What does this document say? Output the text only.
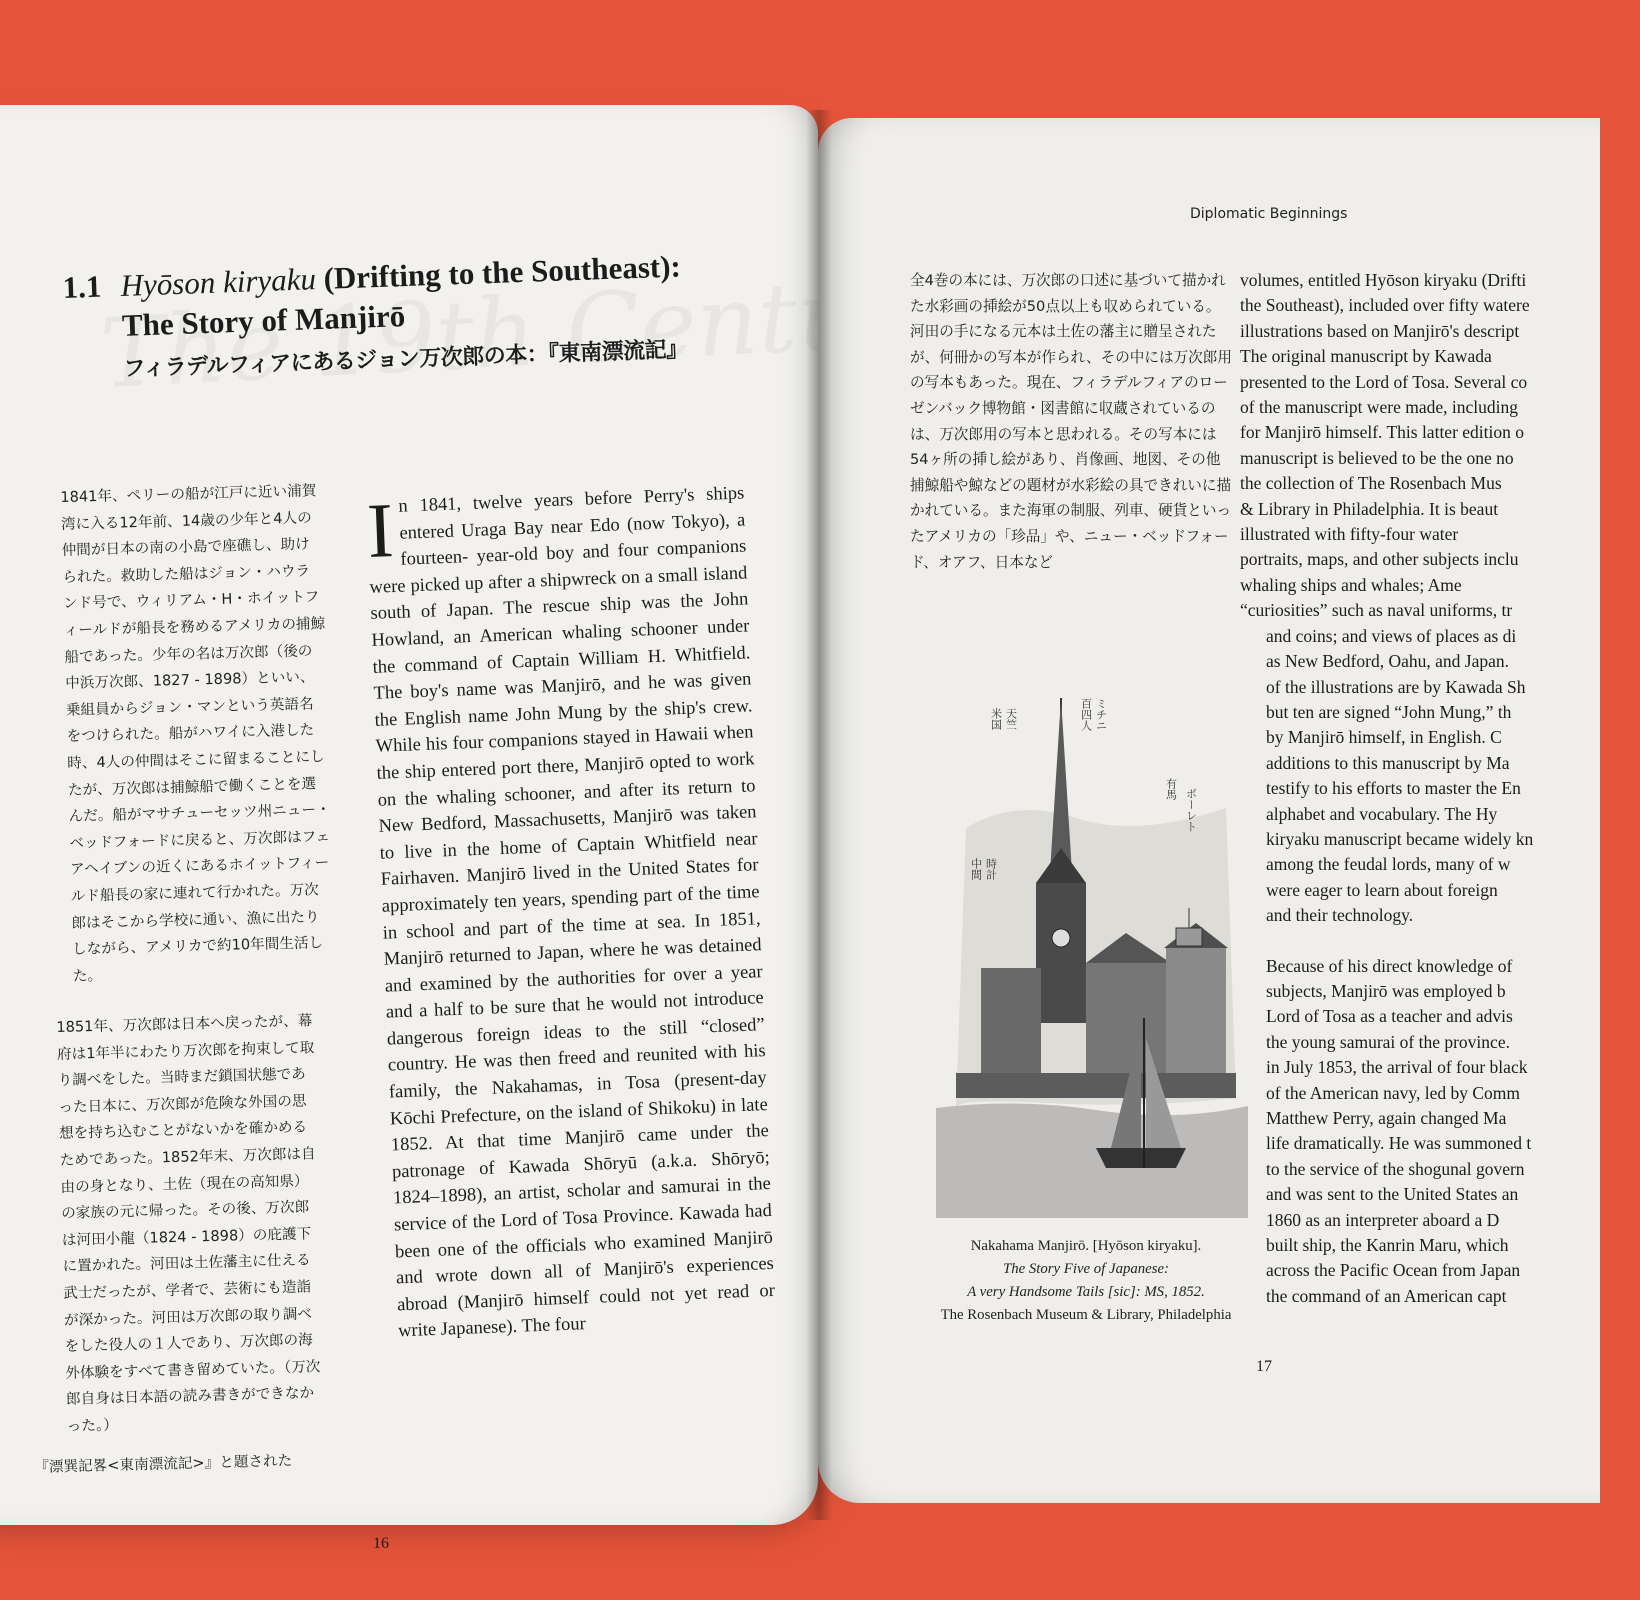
1.1 Hyōson kiryaku (Drifting to the Southeast):
The Story of Manjirō
フィラデルフィアにあるジョン万次郎の本：『東南漂流記』

1841年、ペリーの船が江戸に近い浦賀湾に入る12年前、14歳の少年と4人の仲間が日本の南の小島で座礁し、助けられた。救助した船はジョン・ハウランド号で、ウィリアム・H・ホイットフィールドが船長を務めるアメリカの捕鯨船であった。少年の名は万次郎（後の中浜万次郎、1827 - 1898）といい、乗組員からジョン・マンという英語名をつけられた。船がハワイに入港した時、4人の仲間はそこに留まることにしたが、万次郎は捕鯨船で働くことを選んだ。船がマサチューセッツ州ニュー・ベッドフォードに戻ると、万次郎はフェアヘイブンの近くにあるホイットフィールド船長の家に連れて行かれた。万次郎はそこから学校に通い、漁に出たりしながら、アメリカで約10年間生活した。

1851年、万次郎は日本へ戻ったが、幕府は1年半にわたり万次郎を拘束して取り調べをした。当時まだ鎖国状態であった日本に、万次郎が危険な外国の思想を持ち込むことがないかを確かめるためであった。1852年末、万次郎は自由の身となり、土佐（現在の高知県）の家族の元に帰った。その後、万次郎は河田小龍（1824 - 1898）の庇護下に置かれた。河田は土佐藩主に仕える武士だったが、学者で、芸術にも造詣が深かった。河田は万次郎の取り調べをした役人の１人であり、万次郎の海外体験をすべて書き留めていた。（万次郎自身は日本語の読み書きができなかった。）

『漂巽記畧<東南漂流記>』と題された

In 1841, twelve years before Perry's ships entered Uraga Bay near Edo (now Tokyo), a fourteen- year-old boy and four companions were picked up after a shipwreck on a small island south of Japan. The rescue ship was the John Howland, an American whaling schooner under the command of Captain William H. Whitfield. The boy's name was Manjirō, and he was given the English name John Mung by the ship's crew. While his four companions stayed in Hawaii when the ship entered port there, Manjirō opted to work on the whaling schooner, and after its return to New Bedford, Massachusetts, Manjirō was taken to live in the home of Captain Whitfield near Fairhaven. Manjirō lived in the United States for approximately ten years, spending part of the time in school and part of the time at sea. In 1851, Manjirō returned to Japan, where he was detained and examined by the authorities for over a year and a half to be sure that he would not introduce dangerous foreign ideas to the still “closed” country. He was then freed and reunited with his family, the Nakahamas, in Tosa (present-day Kōchi Prefecture, on the island of Shikoku) in late 1852. At that time Manjirō came under the patronage of Kawada Shōryū (a.k.a. Shōryō; 1824–1898), an artist, scholar and samurai in the service of the Lord of Tosa Province. Kawada had been one of the officials who examined Manjirō and wrote down all of Manjirō's experiences abroad (Manjirō himself could not yet read or write Japanese). The four
16
Diplomatic Beginnings

全4巻の本には、万次郎の口述に基づいて描かれた水彩画の挿絵が50点以上も収められている。河田の手になる元本は土佐の藩主に贈呈されたが、何冊かの写本が作られ、その中には万次郎用の写本もあった。現在、フィラデルフィアのローゼンバック博物館・図書館に収蔵されているのは、万次郎用の写本と思われる。その写本には54ヶ所の挿し絵があり、肖像画、地図、その他捕鯨船や鯨などの題材が水彩絵の具できれいに描かれている。また海軍の制服、列車、硬貨といったアメリカの「珍品」や、ニュー・ベッドフォード、オアフ、日本など

volumes, entitled Hyōson kiryaku (Drifti

the Southeast), included over fifty watere

illustrations based on Manjirō's descript

The original manuscript by Kawada

presented to the Lord of Tosa. Several co

of the manuscript were made, including

for Manjirō himself. This latter edition o

manuscript is believed to be the one no

the collection of The Rosenbach Mus

& Library in Philadelphia. It is beaut

illustrated with fifty-four water

portraits, maps, and other subjects inclu

whaling ships and whales; Ame

“curiosities” such as naval uniforms, tr

and coins; and views of places as di

as New Bedford, Oahu, and Japan.

of the illustrations are by Kawada Sh

but ten are signed “John Mung,” th

by Manjirō himself, in English. C

additions to this manuscript by Ma

testify to his efforts to master the En

alphabet and vocabulary. The Hy

kiryaku manuscript became widely kn

among the feudal lords, many of w

were eager to learn about foreign

and their technology.

Because of his direct knowledge of

subjects, Manjirō was employed b

Lord of Tosa as a teacher and advis

the young samurai of the province.

in July 1853, the arrival of four black

of the American navy, led by Comm

Matthew Perry, again changed Ma

life dramatically. He was summoned t

to the service of the shogunal govern

and was sent to the United States an

1860 as an interpreter aboard a D

built ship, the Kanrin Maru, which

across the Pacific Ocean from Japan

the command of an American capt

米国 天竺	百四人 ミチニ
有馬 ボーレト
中間 時計
Nakahama Manjirō. [Hyōson kiryaku].
The Story Five of Japanese:
A very Handsome Tails [sic]: MS, 1852.
The Rosenbach Museum & Library, Philadelphia
17
